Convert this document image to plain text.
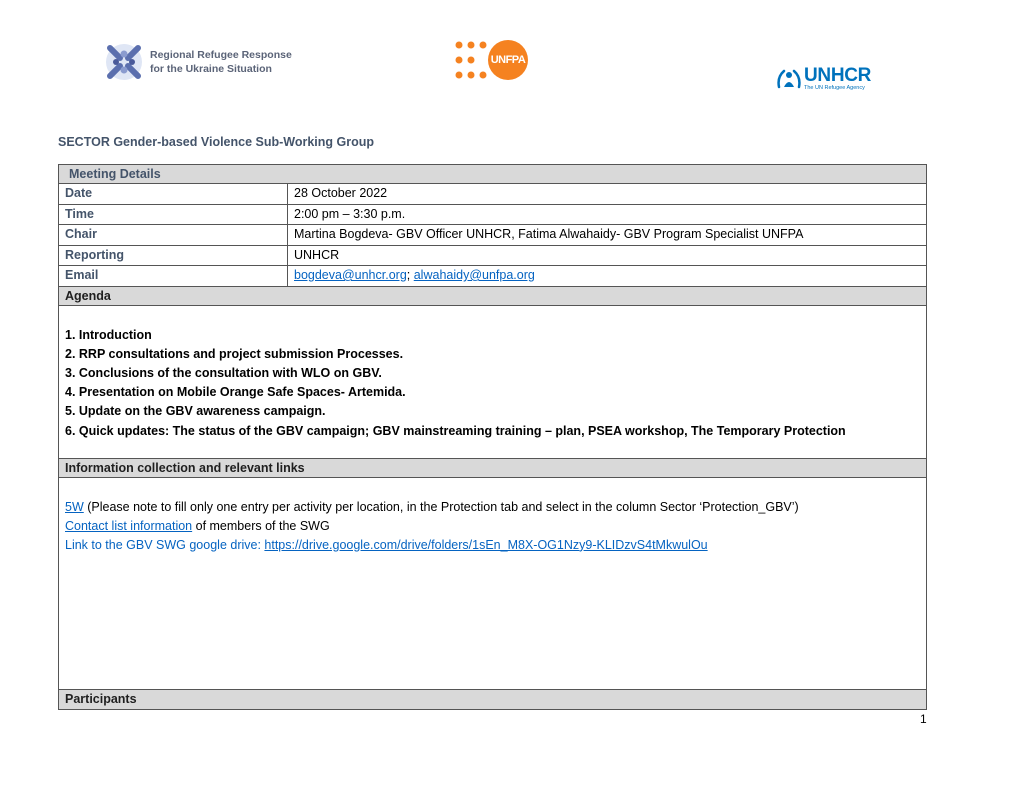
Regional Refugee Response
for the Ukraine Situation
UNFPA
UNHCR
The UN Refugee Agency
SECTOR Gender-based Violence Sub-Working Group
Meeting Details
Date	28 October 2022
Time	2:00 pm – 3:30 p.m.
Chair	Martina Bogdeva- GBV Officer UNHCR, Fatima Alwahaidy- GBV Program Specialist UNFPA
Reporting	UNHCR
Email	bogdeva@unhcr.org; alwahaidy@unfpa.org
Agenda
1. Introduction
2. RRP consultations and project submission Processes.
3. Conclusions of the consultation with WLO on GBV.
4. Presentation on Mobile Orange Safe Spaces- Artemida.
5. Update on the GBV awareness campaign.
6. Quick updates: The status of the GBV campaign; GBV mainstreaming training – plan, PSEA workshop, The Temporary Protection
Information collection and relevant links
5W (Please note to fill only one entry per activity per location, in the Protection tab and select in the column Sector ‘Protection_GBV’)
Contact list information of members of the SWG
Link to the GBV SWG google drive: https://drive.google.com/drive/folders/1sEn_M8X-OG1Nzy9-KLIDzvS4tMkwulOu
Participants
1
